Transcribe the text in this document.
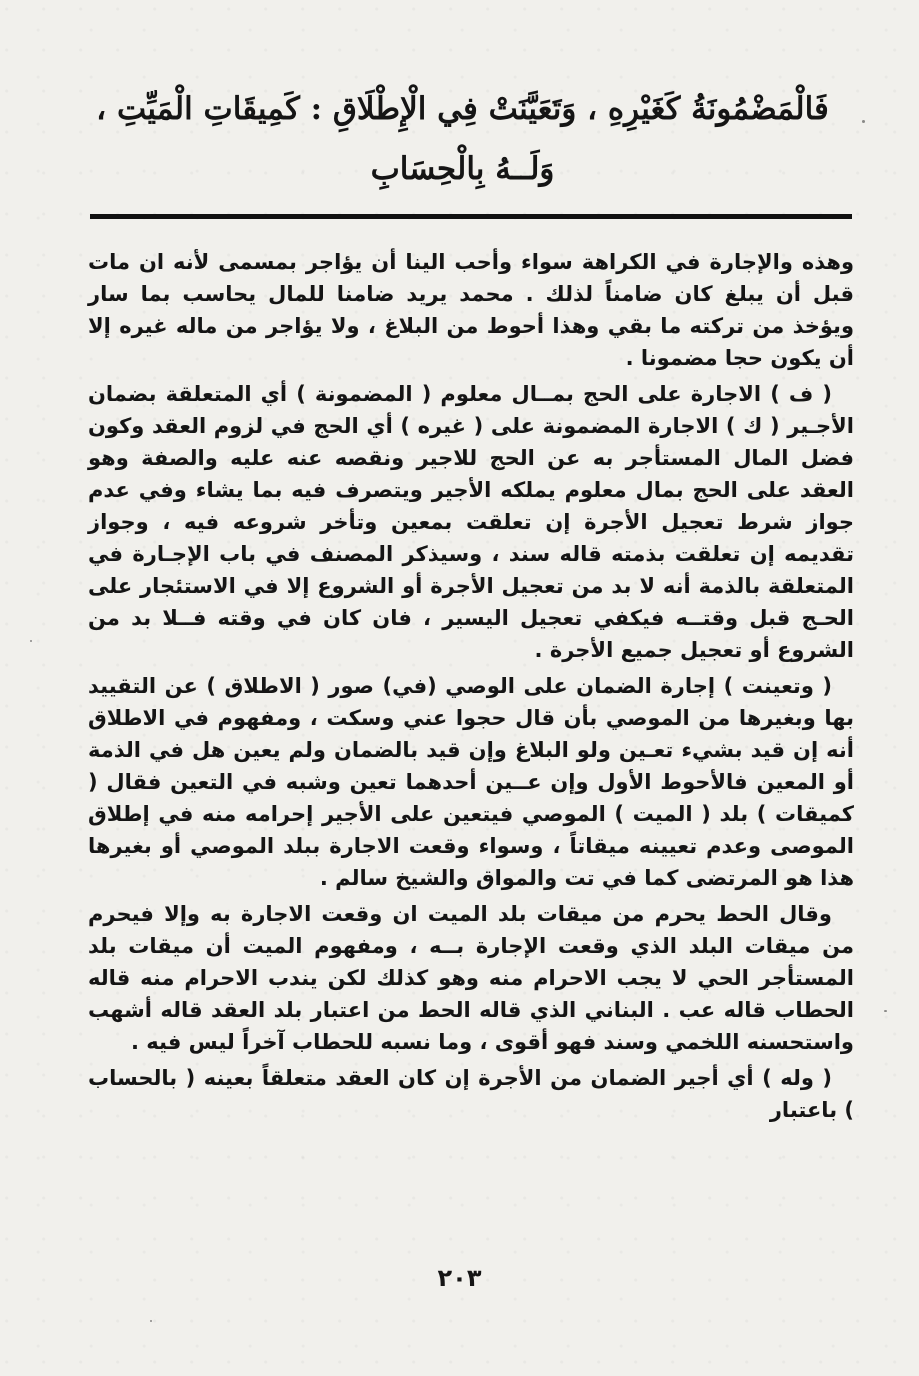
فَالْمَضْمُونَةُ كَغَيْرِهِ ، وَتَعَيَّنَتْ فِي الْإِطْلَاقِ : كَمِيقَاتِ الْمَيِّتِ ،

وَلَــهُ بِالْحِسَابِ

وهذه والإجارة في الكراهة سواء وأحب الينا أن يؤاجر بمسمى لأنه ان مات قبل أن يبلغ كان ضامناً لذلك . محمد يريد ضامنا للمال يحاسب بما سار ويؤخذ من تركته ما بقي وهذا أحوط من البلاغ ، ولا يؤاجر من ماله غيره إلا أن يكون حجا مضمونا .

( ف ) الاجارة على الحج بمــال معلوم ( المضمونة ) أي المتعلقة بضمان الأجـير ( ك ) الاجارة المضمونة على ( غيره ) أي الحج في لزوم العقد وكون فضل المال المستأجر به عن الحج للاجير ونقصه عنه عليه والصفة وهو العقد على الحج بمال معلوم يملكه الأجير ويتصرف فيه بما يشاء وفي عدم جواز شرط تعجيل الأجرة إن تعلقت بمعين وتأخر شروعه فيه ، وجواز تقديمه إن تعلقت بذمته قاله سند ، وسيذكر المصنف في باب الإجـارة في المتعلقة بالذمة أنه لا بد من تعجيل الأجرة أو الشروع إلا في الاستئجار على الحـج قبل وقتــه فيكفي تعجيل اليسير ، فان كان في وقته فــلا بد من الشروع أو تعجيل جميع الأجرة .

( وتعينت ) إجارة الضمان على الوصي (في) صور ( الاطلاق ) عن التقييد بها وبغيرها من الموصي بأن قال حجوا عني وسكت ، ومفهوم في الاطلاق أنه إن قيد بشيء تعـين ولو البلاغ وإن قيد بالضمان ولم يعين هل في الذمة أو المعين فالأحوط الأول وإن عــين أحدهما تعين وشبه في التعين فقال ( كميقات ) بلد ( الميت ) الموصي فيتعين على الأجير إحرامه منه في إطلاق الموصى وعدم تعيينه ميقاتاً ، وسواء وقعت الاجارة ببلد الموصي أو بغيرها هذا هو المرتضى كما في تت والمواق والشيخ سالم .

وقال الحط يحرم من ميقات بلد الميت ان وقعت الاجارة به وإلا فيحرم من ميقات البلد الذي وقعت الإجارة بــه ، ومفهوم الميت أن ميقات بلد المستأجر الحي لا يجب الاحرام منه وهو كذلك لكن يندب الاحرام منه قاله الحطاب قاله عب . البناني الذي قاله الحط من اعتبار بلد العقد قاله أشهب واستحسنه اللخمي وسند فهو أقوى ، وما نسبه للحطاب آخراً ليس فيه .

( وله ) أي أجير الضمان من الأجرة إن كان العقد متعلقاً بعينه ( بالحساب ) باعتبار

٢٠٣
